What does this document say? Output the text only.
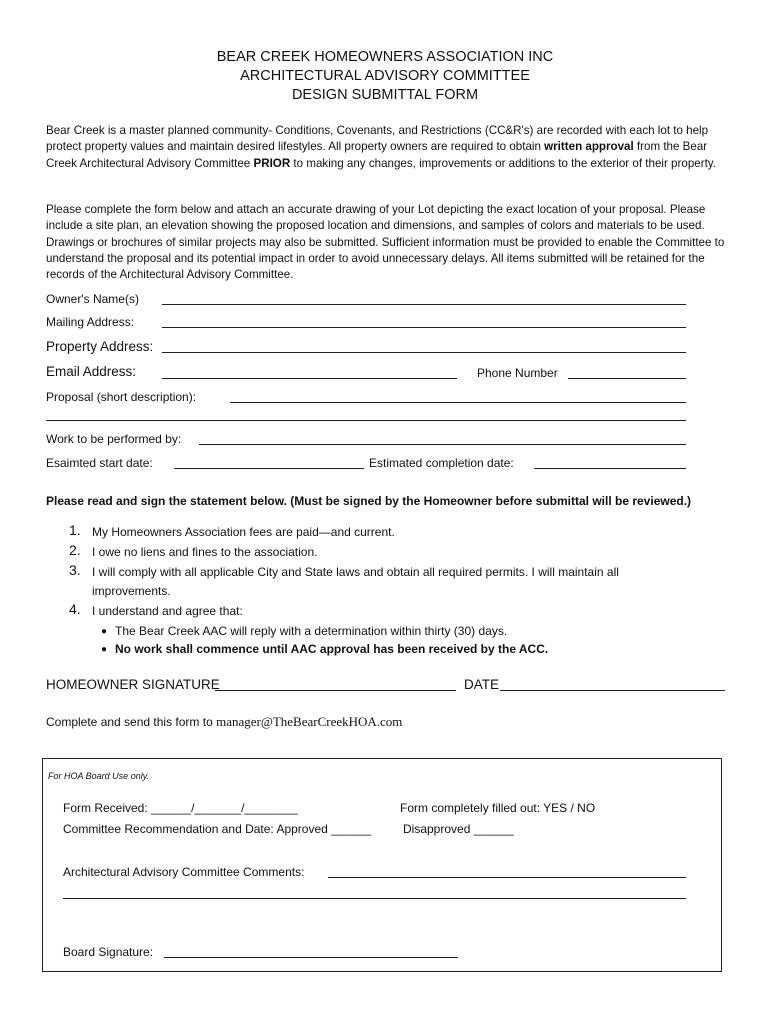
BEAR CREEK HOMEOWNERS ASSOCIATION INC
ARCHITECTURAL ADVISORY COMMITTEE
DESIGN SUBMITTAL FORM
Bear Creek is a master planned community- Conditions, Covenants, and Restrictions (CC&R's) are recorded with each lot to help protect property values and maintain desired lifestyles. All property owners are required to obtain written approval from the Bear Creek Architectural Advisory Committee PRIOR to making any changes, improvements or additions to the exterior of their property.
Please complete the form below and attach an accurate drawing of your Lot depicting the exact location of your proposal. Please include a site plan, an elevation showing the proposed location and dimensions, and samples of colors and materials to be used. Drawings or brochures of similar projects may also be submitted. Sufficient information must be provided to enable the Committee to understand the proposal and its potential impact in order to avoid unnecessary delays. All items submitted will be retained for the records of the Architectural Advisory Committee.
Owner's Name(s)
Mailing Address:
Property Address:
Email Address:	Phone Number
Proposal (short description):
Work to be performed by:
Esaimted start date:	Estimated completion date:
Please read and sign the statement below. (Must be signed by the Homeowner before submittal will be reviewed.)
1. My Homeowners Association fees are paid—and current.
2. I owe no liens and fines to the association.
3. I will comply with all applicable City and State laws and obtain all required permits. I will maintain all
improvements.
4. I understand and agree that:
● The Bear Creek AAC will reply with a determination within thirty (30) days.
● No work shall commence until AAC approval has been received by the ACC.
HOMEOWNER SIGNATURE	DATE
Complete and send this form to manager@TheBearCreekHOA.com
For HOA Board Use only.
Form Received: ______/_______/________	Form completely filled out: YES / NO
Committee Recommendation and Date: Approved ______	Disapproved ______
Architectural Advisory Committee Comments:
Board Signature:
